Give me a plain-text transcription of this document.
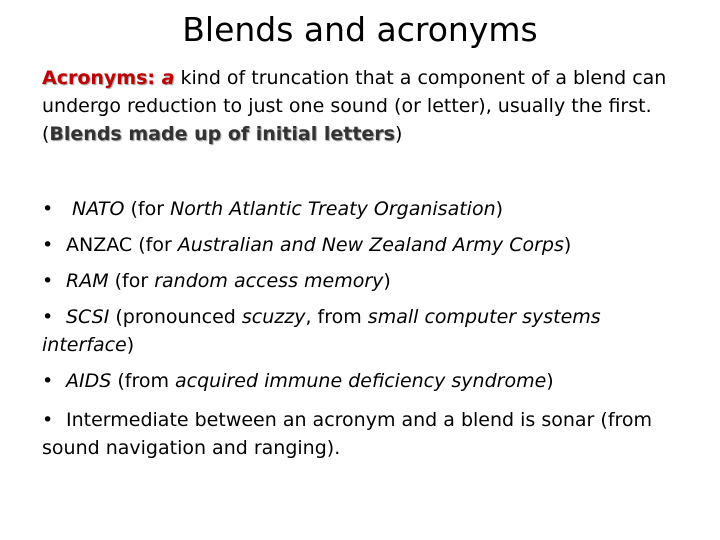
Blends and acronyms
Acronyms: a kind of truncation that a component of a blend can undergo reduction to just one sound (or letter), usually the first. (Blends made up of initial letters)
• NATO (for North Atlantic Treaty Organisation)
• ANZAC (for Australian and New Zealand Army Corps)
• RAM (for random access memory)
• SCSI (pronounced scuzzy, from small computer systems interface)
• AIDS (from acquired immune deficiency syndrome)
• Intermediate between an acronym and a blend is sonar (from sound navigation and ranging).
